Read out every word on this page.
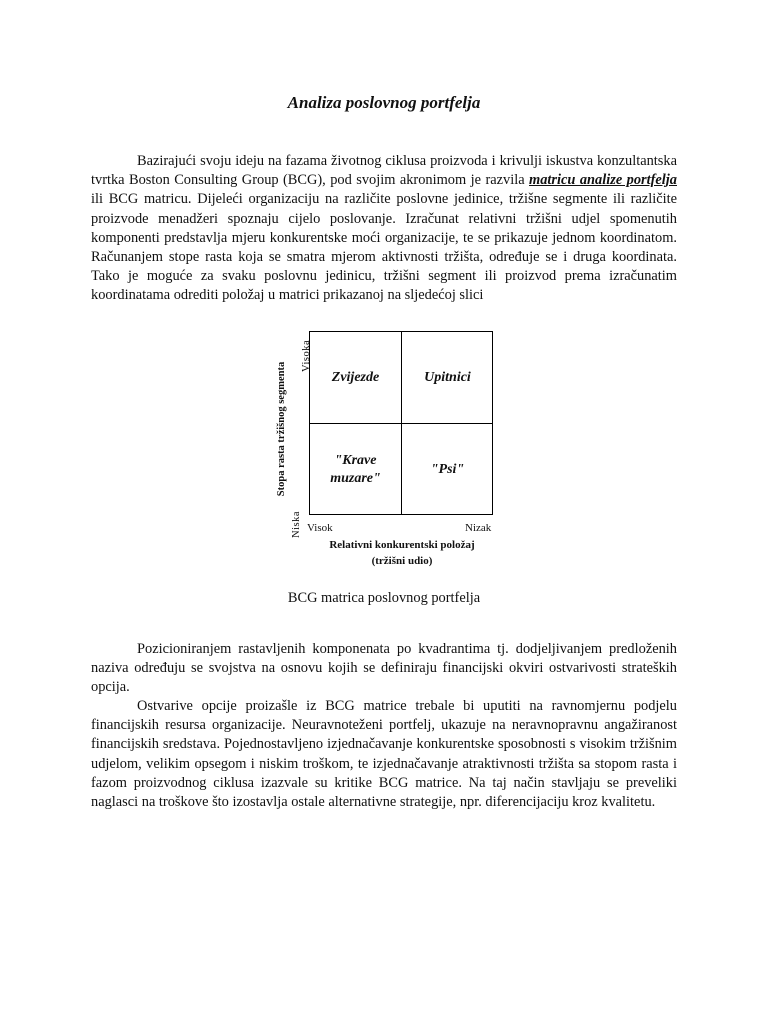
Analiza poslovnog portfelja

Bazirajući svoju ideju na fazama životnog ciklusa proizvoda i krivulji iskustva konzultantska tvrtka Boston Consulting Group (BCG), pod svojim akronimom je razvila matricu analize portfelja ili BCG matricu. Dijeleći organizaciju na različite poslovne jedinice, tržišne segmente ili različite proizvode menadžeri spoznaju cijelo poslovanje. Izračunat relativni tržišni udjel spomenutih komponenti predstavlja mjeru konkurentske moći organizacije, te se prikazuje jednom koordinatom. Računanjem stope rasta koja se smatra mjerom aktivnosti tržišta, određuje se i druga koordinata. Tako je moguće za svaku poslovnu jedinicu, tržišni segment ili proizvod prema izračunatim koordinatama odrediti položaj u matrici prikazanoj na sljedećoj slici

Stopa rasta tržišnog segmenta
Visoka
Niska
Zvijezde	Upitnici
"Krave muzare"
"Psi"
Visok	Nizak
Relativni konkurentski položaj
(tržišni udio)
BCG matrica poslovnog portfelja

Pozicioniranjem rastavljenih komponenata po kvadrantima tj. dodjeljivanjem predloženih naziva određuju se svojstva na osnovu kojih se definiraju financijski okviri ostvarivosti strateških opcija.

Ostvarive opcije proizašle iz BCG matrice trebale bi uputiti na ravnomjernu podjelu financijskih resursa organizacije. Neuravnoteženi portfelj, ukazuje na neravnopravnu angažiranost financijskih sredstava. Pojednostavljeno izjednačavanje konkurentske sposobnosti s visokim tržišnim udjelom, velikim opsegom i niskim troškom, te izjednačavanje atraktivnosti tržišta sa stopom rasta i fazom proizvodnog ciklusa izazvale su kritike BCG matrice. Na taj način stavljaju se preveliki naglasci na troškove što izostavlja ostale alternativne strategije, npr. diferencijaciju kroz kvalitetu.
